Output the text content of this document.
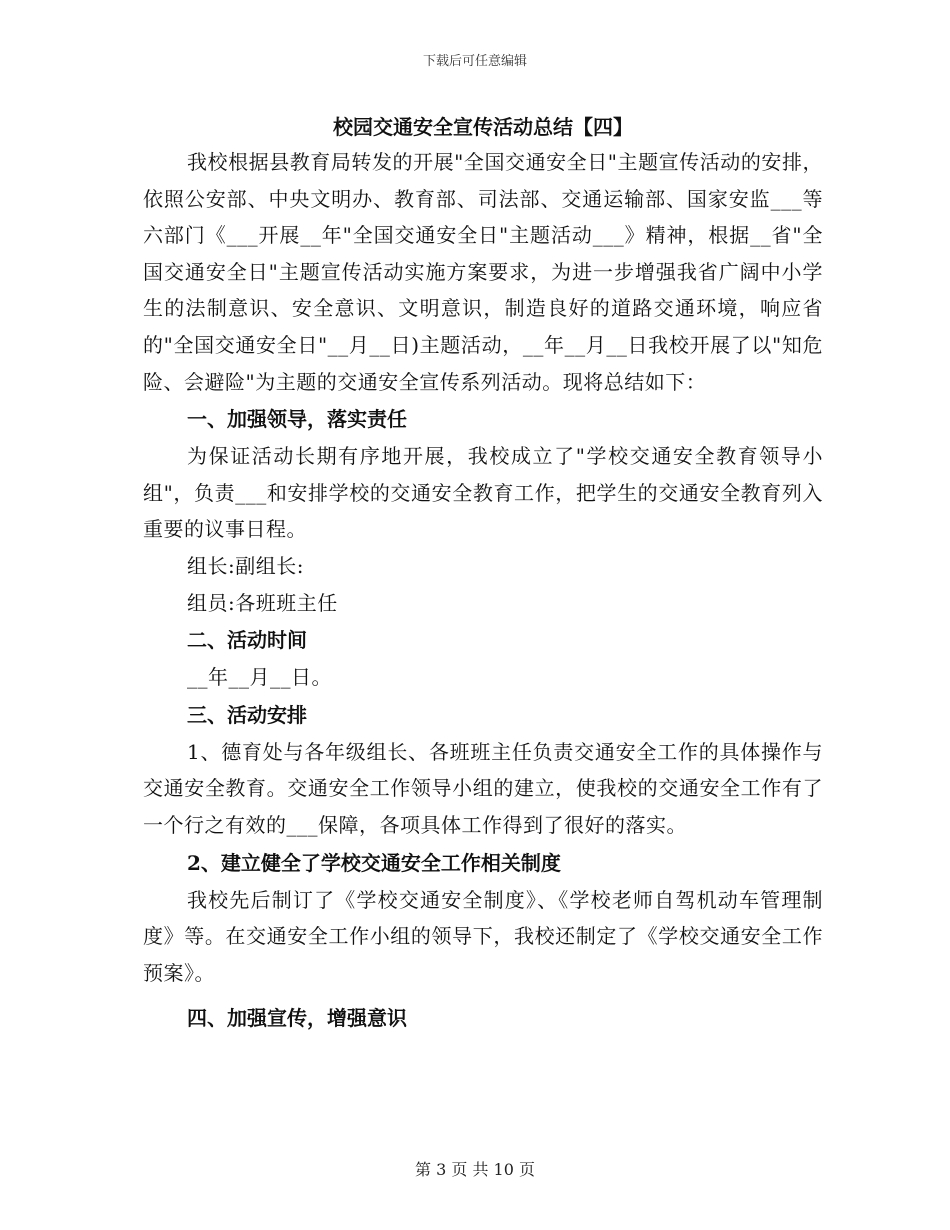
下载后可任意编辑

校园交通安全宣传活动总结【四】

我校根据县教育局转发的开展"全国交通安全日"主题宣传活动的安排，依照公安部、中央文明办、教育部、司法部、交通运输部、国家安监___等六部门《___开展__年"全国交通安全日"主题活动___》精神，根据__省"全国交通安全日"主题宣传活动实施方案要求，为进一步增强我省广阔中小学生的法制意识、安全意识、文明意识，制造良好的道路交通环境，响应省的"全国交通安全日"__月__日)主题活动，__年__月__日我校开展了以"知危险、会避险"为主题的交通安全宣传系列活动。现将总结如下：

一、加强领导，落实责任

为保证活动长期有序地开展，我校成立了"学校交通安全教育领导小组"，负责___和安排学校的交通安全教育工作，把学生的交通安全教育列入重要的议事日程。

组长:副组长:

组员:各班班主任

二、活动时间

__年__月__日。

三、活动安排

1、德育处与各年级组长、各班班主任负责交通安全工作的具体操作与交通安全教育。交通安全工作领导小组的建立，使我校的交通安全工作有了一个行之有效的___保障，各项具体工作得到了很好的落实。

2、建立健全了学校交通安全工作相关制度

我校先后制订了《学校交通安全制度》、《学校老师自驾机动车管理制度》等。在交通安全工作小组的领导下，我校还制定了《学校交通安全工作预案》。

四、加强宣传，增强意识

第 3 页 共 10 页
